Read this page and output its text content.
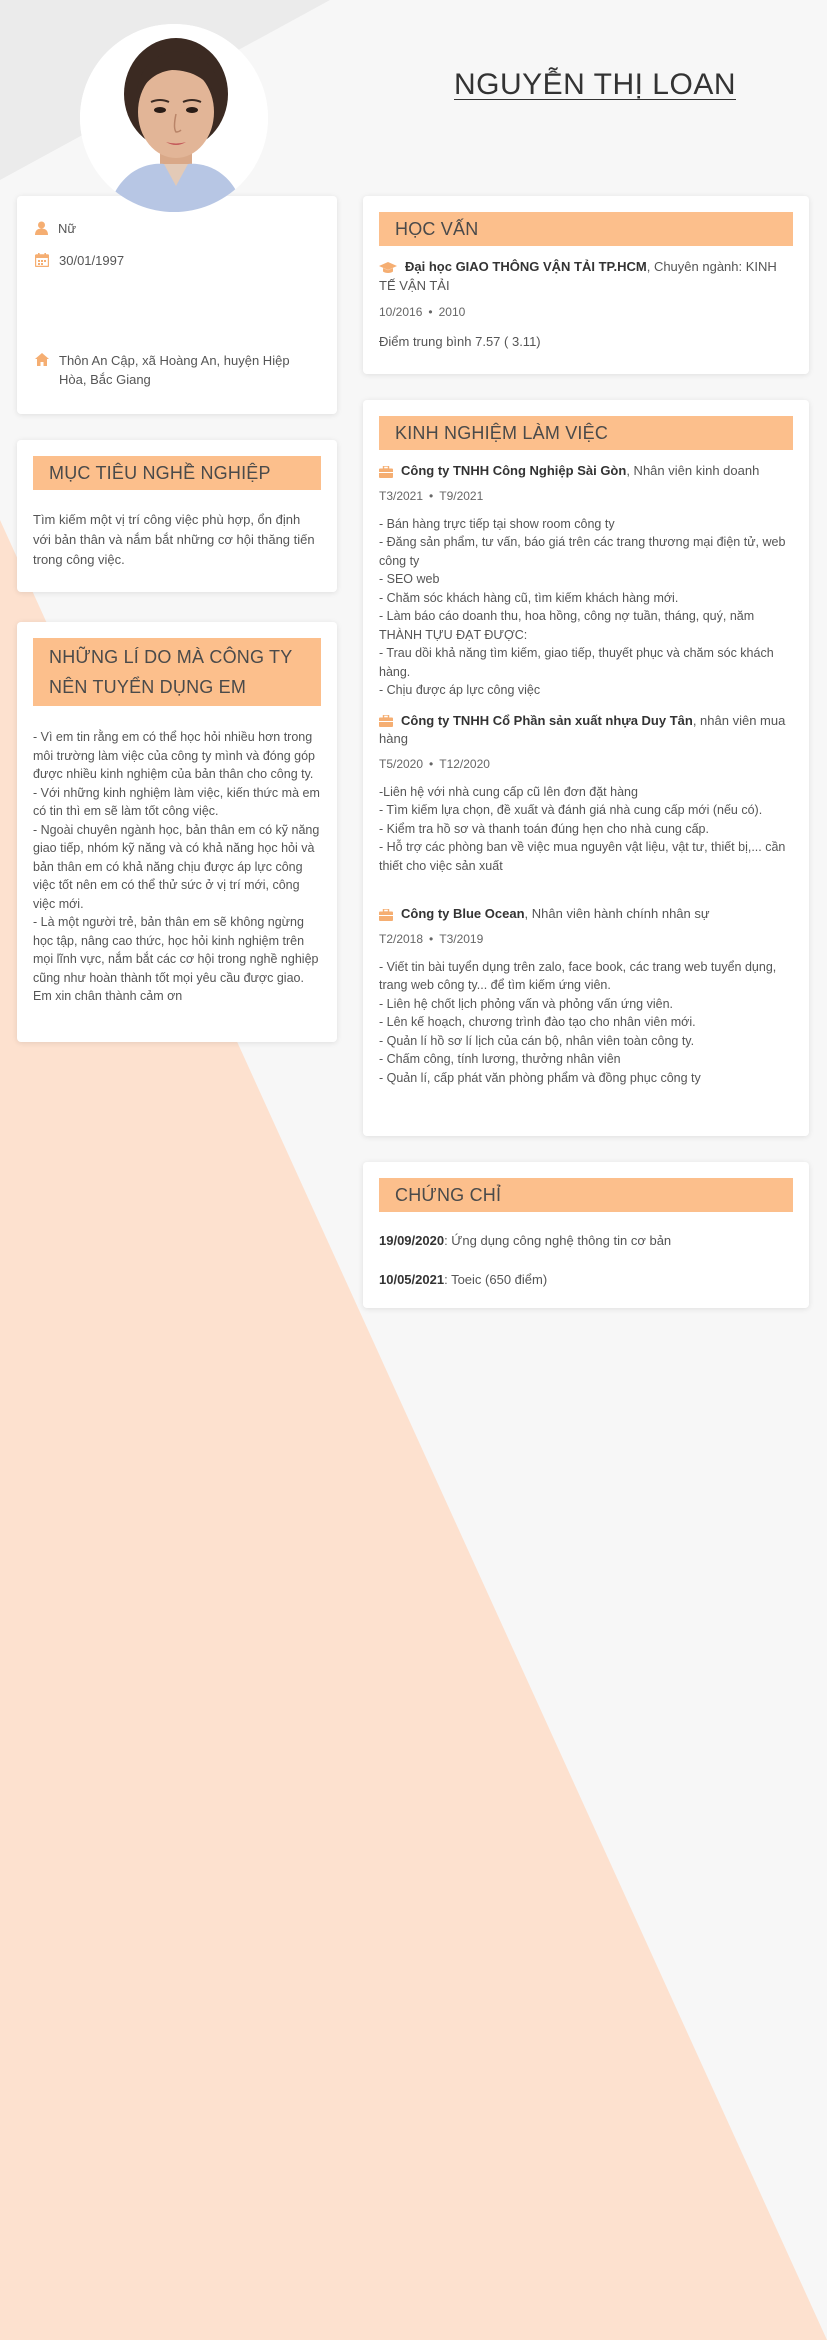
NGUYỄN THỊ LOAN
Nữ
30/01/1997
Thôn An Cập, xã Hoàng An, huyện Hiệp Hòa, Bắc Giang
MỤC TIÊU NGHỀ NGHIỆP
Tìm kiếm một vị trí công việc phù hợp, ổn định với bản thân và nắm bắt những cơ hội thăng tiến trong công việc.
NHỮNG LÍ DO MÀ CÔNG TY NÊN TUYỂN DỤNG EM
- Vì em tin rằng em có thể học hỏi nhiều hơn trong môi trường làm việc của công ty mình và đóng góp được nhiều kinh nghiệm của bản thân cho công ty.
- Với những kinh nghiệm làm việc, kiến thức mà em có tin thì em sẽ làm tốt công việc.
- Ngoài chuyên ngành học, bản thân em có kỹ năng giao tiếp, nhóm kỹ năng và có khả năng học hỏi và bản thân em có khả năng chịu được áp lực công việc tốt nên em có thể thử sức ở vị trí mới, công việc mới.
- Là một người trẻ, bản thân em sẽ không ngừng học tập, nâng cao thức, học hỏi kinh nghiệm trên mọi lĩnh vực, nắm bắt các cơ hội trong nghề nghiệp cũng như hoàn thành tốt mọi yêu cầu được giao. Em xin chân thành cảm ơn
HỌC VẤN
Đại học GIAO THÔNG VẬN TẢI TP.HCM, Chuyên ngành: KINH TẾ VẬN TẢI
10/2016 • 2010
Điểm trung bình 7.57 ( 3.11)
KINH NGHIỆM LÀM VIỆC
Công ty TNHH Công Nghiệp Sài Gòn, Nhân viên kinh doanh
T3/2021 • T9/2021
- Bán hàng trực tiếp tại show room công ty
- Đăng sản phẩm, tư vấn, báo giá trên các trang thương mại điện tử, web công ty
- SEO web
- Chăm sóc khách hàng cũ, tìm kiếm khách hàng mới.
- Làm báo cáo doanh thu, hoa hồng, công nợ tuần, tháng, quý, năm
THÀNH TỰU ĐẠT ĐƯỢC:
- Trau dồi khả năng tìm kiếm, giao tiếp, thuyết phục và chăm sóc khách hàng.
- Chịu được áp lực công việc
Công ty TNHH Cổ Phần sản xuất nhựa Duy Tân, nhân viên mua hàng
T5/2020 • T12/2020
-Liên hệ với nhà cung cấp cũ lên đơn đặt hàng
- Tìm kiếm lựa chọn, đề xuất và đánh giá nhà cung cấp mới (nếu có).
- Kiểm tra hồ sơ và thanh toán đúng hẹn cho nhà cung cấp.
- Hỗ trợ các phòng ban về việc mua nguyên vật liệu, vật tư, thiết bị,... cần thiết cho việc sản xuất
Công ty Blue Ocean, Nhân viên hành chính nhân sự
T2/2018 • T3/2019
- Viết tin bài tuyển dụng trên zalo, face book, các trang web tuyển dụng, trang web công ty... để tìm kiếm ứng viên.
- Liên hệ chốt lịch phỏng vấn và phỏng vấn ứng viên.
- Lên kế hoạch, chương trình đào tạo cho nhân viên mới.
- Quản lí hồ sơ lí lịch của cán bộ, nhân viên toàn công ty.
- Chấm công, tính lương, thưởng nhân viên
- Quản lí, cấp phát văn phòng phẩm và đồng phục công ty
CHỨNG CHỈ
19/09/2020: Ứng dụng công nghệ thông tin cơ bản
10/05/2021: Toeic (650 điểm)
